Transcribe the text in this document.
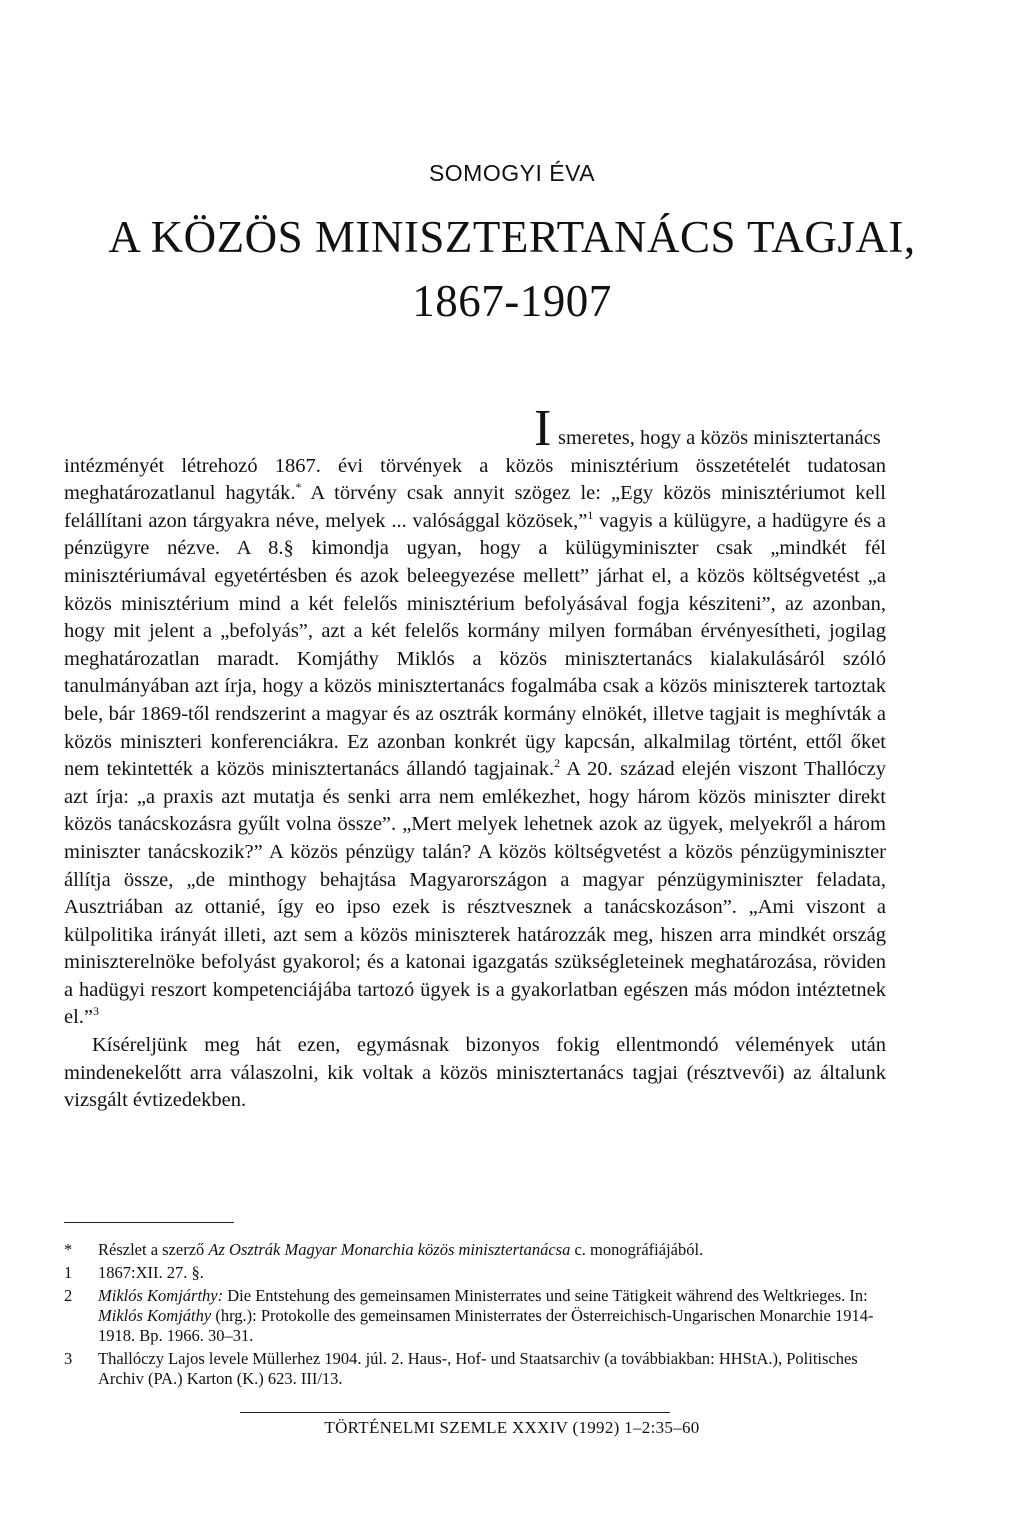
SOMOGYI ÉVA
A KÖZÖS MINISZTERTANÁCS TAGJAI,
1867-1907

I smeretes, hogy a közös minisztertanács
intézményét létrehozó 1867. évi törvények a közös minisztérium összetételét tudatosan meghatározatlanul hagyták.* A törvény csak annyit szögez le: „Egy közös minisztériumot kell felállítani azon tárgyakra néve, melyek ... valósággal közösek,”$^1$ vagyis a külügyre, a hadügyre és a pénzügyre nézve. A 8.§ kimondja ugyan, hogy a külügyminiszter csak „mindkét fél minisztériumával egyetértésben és azok beleegyezése mellett” járhat el, a közös költségvetést „a közös minisztérium mind a két felelős minisztérium befolyásával fogja késziteni”, az azonban, hogy mit jelent a „befolyás”, azt a két felelős kormány milyen formában érvényesítheti, jogilag meghatározatlan maradt. Komjáthy Miklós a közös minisztertanács kialakulásáról szóló tanulmányában azt írja, hogy a közös minisztertanács fogalmába csak a közös miniszterek tartoztak bele, bár 1869-től rendszerint a magyar és az osztrák kormány elnökét, illetve tagjait is meghívták a közös miniszteri konferenciákra. Ez azonban konkrét ügy kapcsán, alkalmilag történt, ettől őket nem tekintették a közös minisztertanács állandó tagjainak.$^2$ A 20. század elején viszont Thallóczy azt írja: „a praxis azt mutatja és senki arra nem emlékezhet, hogy három közös miniszter direkt közös tanácskozásra gyűlt volna össze”. „Mert melyek lehetnek azok az ügyek, melyekről a három miniszter tanácskozik?” A közös pénzügy talán? A közös költségvetést a közös pénzügyminiszter állítja össze, „de minthogy behajtása Magyarországon a magyar pénzügyminiszter feladata, Ausztriában az ottanié, így eo ipso ezek is résztvesznek a tanácskozáson”. „Ami viszont a külpolitika irányát illeti, azt sem a közös miniszterek határozzák meg, hiszen arra mindkét ország miniszterelnöke befolyást gyakorol; és a katonai igazgatás szükségleteinek meghatározása, röviden a hadügyi reszort kompetenciájába tartozó ügyek is a gyakorlatban egészen más módon intéztetnek el.”$^3$

Kíséreljünk meg hát ezen, egymásnak bizonyos fokig ellentmondó vélemények után mindenekelőtt arra válaszolni, kik voltak a közös minisztertanács tagjai (résztvevői) az általunk vizsgált évtizedekben.

*	Részlet a szerző Az Osztrák Magyar Monarchia közös minisztertanácsa c. monográfiájából.
1	1867:XII. 27. §.
2	Miklós Komjárthy: Die Entstehung des gemeinsamen Ministerrates und seine Tätigkeit während des Weltkrieges. In: Miklós Komjáthy (hrg.): Protokolle des gemeinsamen Ministerrates der Österreichisch-Ungarischen Monarchie 1914-1918. Bp. 1966. 30–31.
3	Thallóczy Lajos levele Müllerhez 1904. júl. 2. Haus-, Hof- und Staatsarchiv (a továbbiakban: HHStA.), Politisches Archiv (PA.) Karton (K.) 623. III/13.
TÖRTÉNELMI SZEMLE XXXIV (1992) 1–2:35–60
